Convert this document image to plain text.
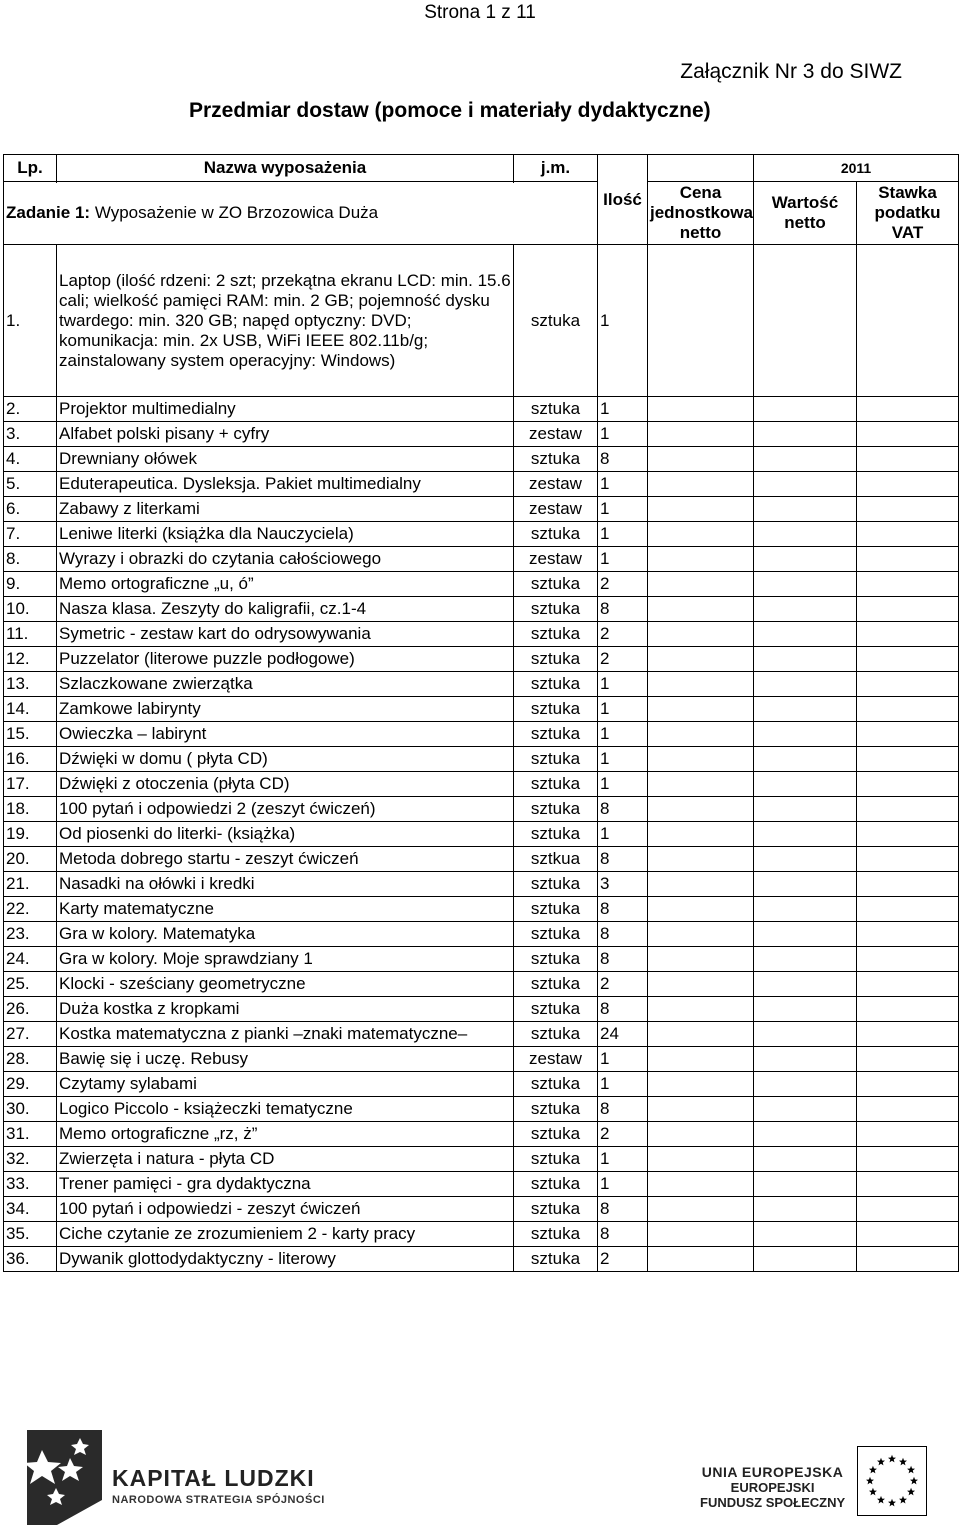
Strona 1 z 11
Załącznik Nr 3 do SIWZ
Przedmiar dostaw (pomoce i materiały dydaktyczne)
Lp.	Nazwa wyposażenia	j.m.	Ilość		2011	
				Cena jednostkowa netto	Wartość netto	Stawka podatku VAT
Zadanie 1: Wyposażenie w ZO Brzozowica Duża						
1.	Laptop (ilość rdzeni: 2 szt; przekątna ekranu LCD: min. 15.6 cali; wielkość pamięci RAM: min. 2 GB; pojemność dysku twardego: min. 320 GB; napęd optyczny: DVD; komunikacja: min. 2x USB, WiFi IEEE 802.11b/g; zainstalowany system operacyjny: Windows)	sztuka	1			
2.	Projektor multimedialny	sztuka	1			
3.	Alfabet polski pisany + cyfry	zestaw	1			
4.	Drewniany ołówek	sztuka	8			
5.	Eduterapeutica. Dysleksja. Pakiet multimedialny	zestaw	1			
6.	Zabawy z literkami	zestaw	1			
7.	Leniwe literki (książka dla Nauczyciela)	sztuka	1			
8.	Wyrazy i obrazki do czytania całościowego	zestaw	1			
9.	Memo ortograficzne „u, ó”	sztuka	2			
10.	Nasza klasa. Zeszyty do kaligrafii, cz.1-4	sztuka	8			
11.	Symetric - zestaw kart do odrysowywania	sztuka	2			
12.	Puzzelator (literowe puzzle podłogowe)	sztuka	2			
13.	Szlaczkowane zwierzątka	sztuka	1			
14.	Zamkowe labirynty	sztuka	1			
15.	Owieczka – labirynt	sztuka	1			
16.	Dźwięki w domu ( płyta CD)	sztuka	1			
17.	Dźwięki z otoczenia (płyta CD)	sztuka	1			
18.	100 pytań i odpowiedzi 2 (zeszyt ćwiczeń)	sztuka	8			
19.	Od piosenki do literki- (książka)	sztuka	1			
20.	Metoda dobrego startu - zeszyt ćwiczeń	sztkua	8			
21.	Nasadki na ołówki i kredki	sztuka	3			
22.	Karty matematyczne	sztuka	8			
23.	Gra w kolory. Matematyka	sztuka	8			
24.	Gra w kolory. Moje sprawdziany 1	sztuka	8			
25.	Klocki - sześciany geometryczne	sztuka	2			
26.	Duża kostka z kropkami	sztuka	8			
27.	Kostka matematyczna z pianki –znaki matematyczne–	sztuka	24			
28.	Bawię się i uczę. Rebusy	zestaw	1			
29.	Czytamy sylabami	sztuka	1			
30.	Logico Piccolo - książeczki tematyczne	sztuka	8			
31.	Memo ortograficzne „rz, ż”	sztuka	2			
32.	Zwierzęta i natura - płyta CD	sztuka	1			
33.	Trener pamięci - gra dydaktyczna	sztuka	1			
34.	100 pytań i odpowiedzi - zeszyt ćwiczeń	sztuka	8			
35.	Ciche czytanie ze zrozumieniem 2 - karty pracy	sztuka	8			
36.	Dywanik glottodydaktyczny - literowy	sztuka	2			
KAPITAŁ LUDZKI
NARODOWA STRATEGIA SPÓJNOŚCI
UNIA EUROPEJSKA
EUROPEJSKI
FUNDUSZ SPOŁECZNY
